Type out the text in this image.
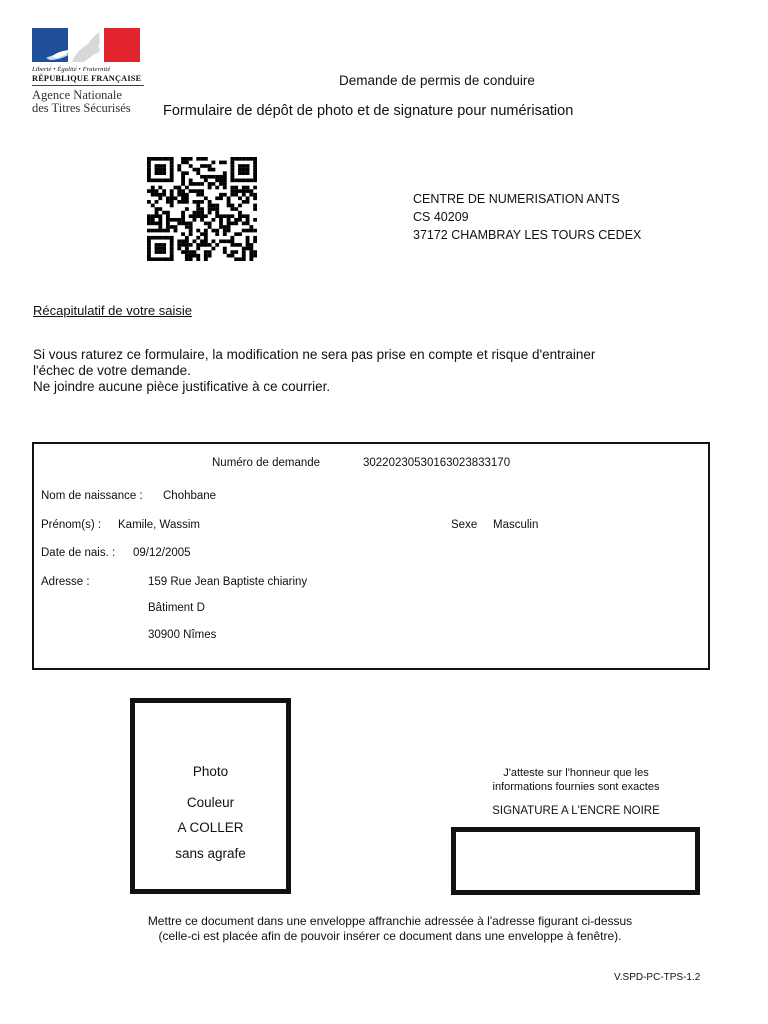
Liberté • Égalité • Fraternité
RÉPUBLIQUE FRANÇAISE
Agence Nationale
des Titres Sécurisés
Demande de permis de conduire
Formulaire de dépôt de photo et de signature pour numérisation
CENTRE DE NUMERISATION ANTS
CS 40209
37172 CHAMBRAY LES TOURS CEDEX
Récapitulatif de votre saisie
Si vous raturez ce formulaire, la modification ne sera pas prise en compte et risque d'entrainer
l'échec de votre demande.
Ne joindre aucune pièce justificative à ce courrier.
Numéro de demande	30220230530163023833170
Nom de naissance : Chohbane
Prénom(s) : Kamile, Wassim	Sexe Masculin
Date de nais. : 09/12/2005
Adresse :	159 Rue Jean Baptiste chiariny
Bâtiment D
30900 Nîmes
Photo
Couleur
A COLLER
sans agrafe
J'atteste sur l'honneur que les
informations fournies sont exactes
SIGNATURE A L'ENCRE NOIRE
Mettre ce document dans une enveloppe affranchie adressée à l'adresse figurant ci-dessus
(celle-ci est placée afin de pouvoir insérer ce document dans une enveloppe à fenêtre).
V.SPD-PC-TPS-1.2
